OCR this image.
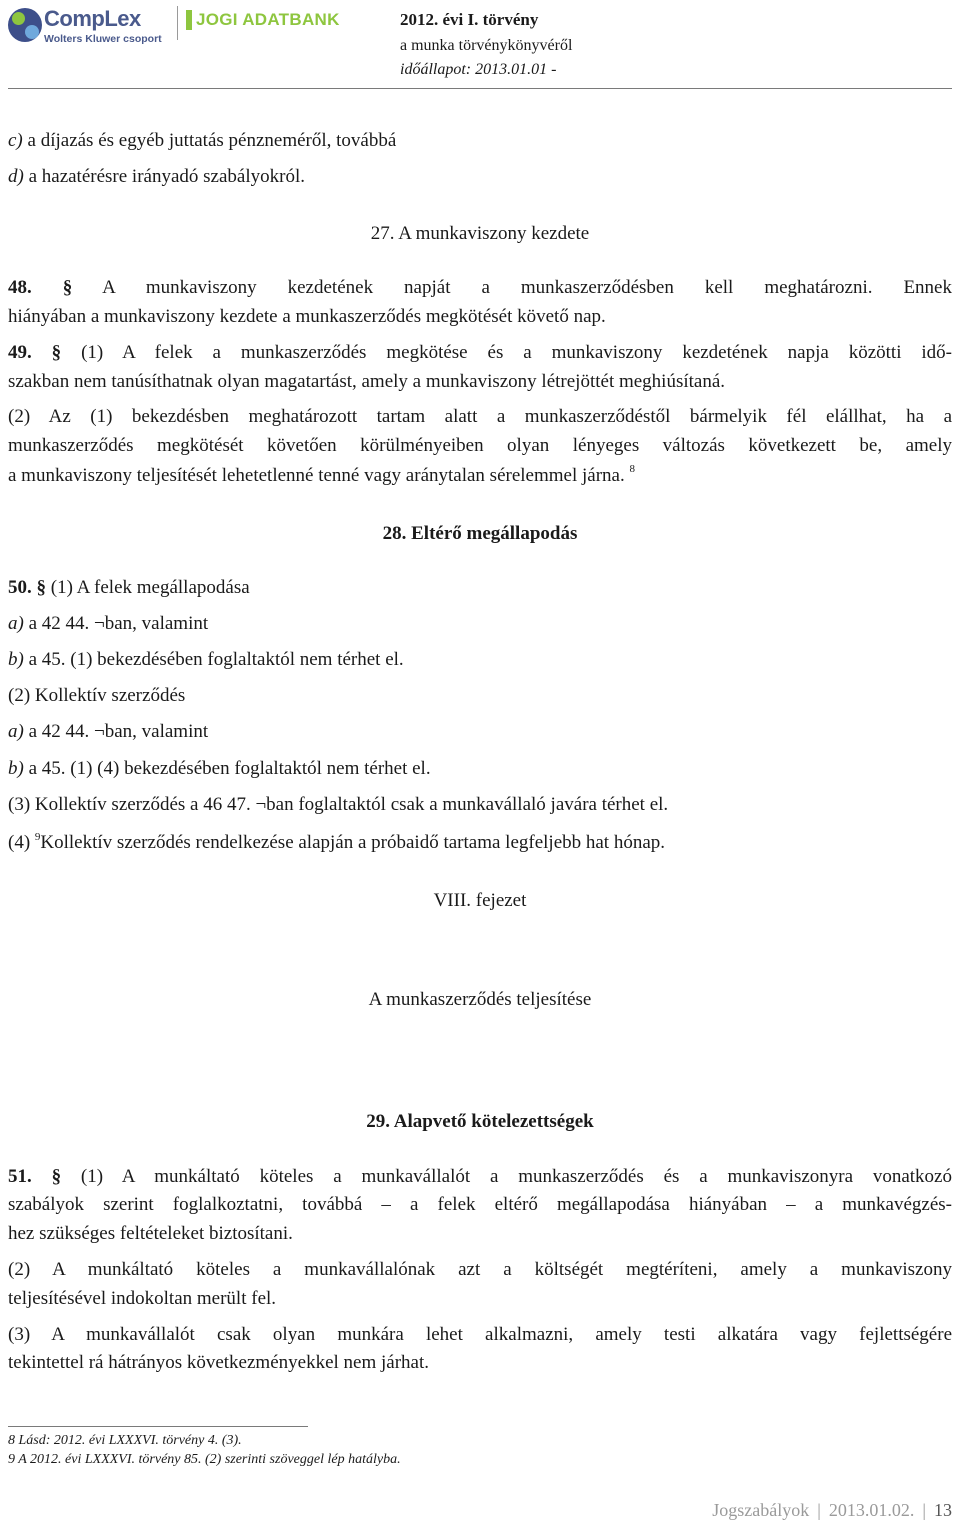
CompLex
Wolters Kluwer csoport
JOGI ADATBANK	2012. évi I. törvény
a munka törvénykönyvéről
időállapot: 2013.01.01 -
c) a díjazás és egyéb juttatás pénzneméről, továbbá
d) a hazatérésre irányadó szabályokról.
27. A munkaviszony kezdete
48. § A munkaviszony kezdetének napját a munkaszerződésben kell meghatározni. Ennek
hiányában a munkaviszony kezdete a munkaszerződés megkötését követő nap.
49. § (1) A felek a munkaszerződés megkötése és a munkaviszony kezdetének napja közötti idő-
szakban nem tanúsíthatnak olyan magatartást, amely a munkaviszony létrejöttét meghiúsítaná.
(2) Az (1) bekezdésben meghatározott tartam alatt a munkaszerződéstől bármelyik fél elállhat, ha a
munkaszerződés megkötését követően körülményeiben olyan lényeges változás következett be, amely
a munkaviszony teljesítését lehetetlenné tenné vagy aránytalan sérelemmel járna. $^8$
28. Eltérő megállapodás
50. § (1) A felek megállapodása
a) a 42 44. ¬ban, valamint
b) a 45. (1) bekezdésében foglaltaktól nem térhet el.
(2) Kollektív szerződés
a) a 42 44. ¬ban, valamint
b) a 45. (1) (4) bekezdésében foglaltaktól nem térhet el.
(3) Kollektív szerződés a 46 47. ¬ban foglaltaktól csak a munkavállaló javára térhet el.
(4) $^9$Kollektív szerződés rendelkezése alapján a próbaidő tartama legfeljebb hat hónap.
VIII. fejezet
A munkaszerződés teljesítése
29. Alapvető kötelezettségek
51. § (1) A munkáltató köteles a munkavállalót a munkaszerződés és a munkaviszonyra vonatkozó
szabályok szerint foglalkoztatni, továbbá – a felek eltérő megállapodása hiányában – a munkavégzés-
hez szükséges feltételeket biztosítani.
(2) A munkáltató köteles a munkavállalónak azt a költségét megtéríteni, amely a munkaviszony
teljesítésével indokoltan merült fel.
(3) A munkavállalót csak olyan munkára lehet alkalmazni, amely testi alkatára vagy fejlettségére
tekintettel rá hátrányos következményekkel nem járhat.
8 Lásd: 2012. évi LXXXVI. törvény 4. (3).
9 A 2012. évi LXXXVI. törvény 85. (2) szerinti szöveggel lép hatályba.
Jogszabályok | 2013.01.02. | 13
